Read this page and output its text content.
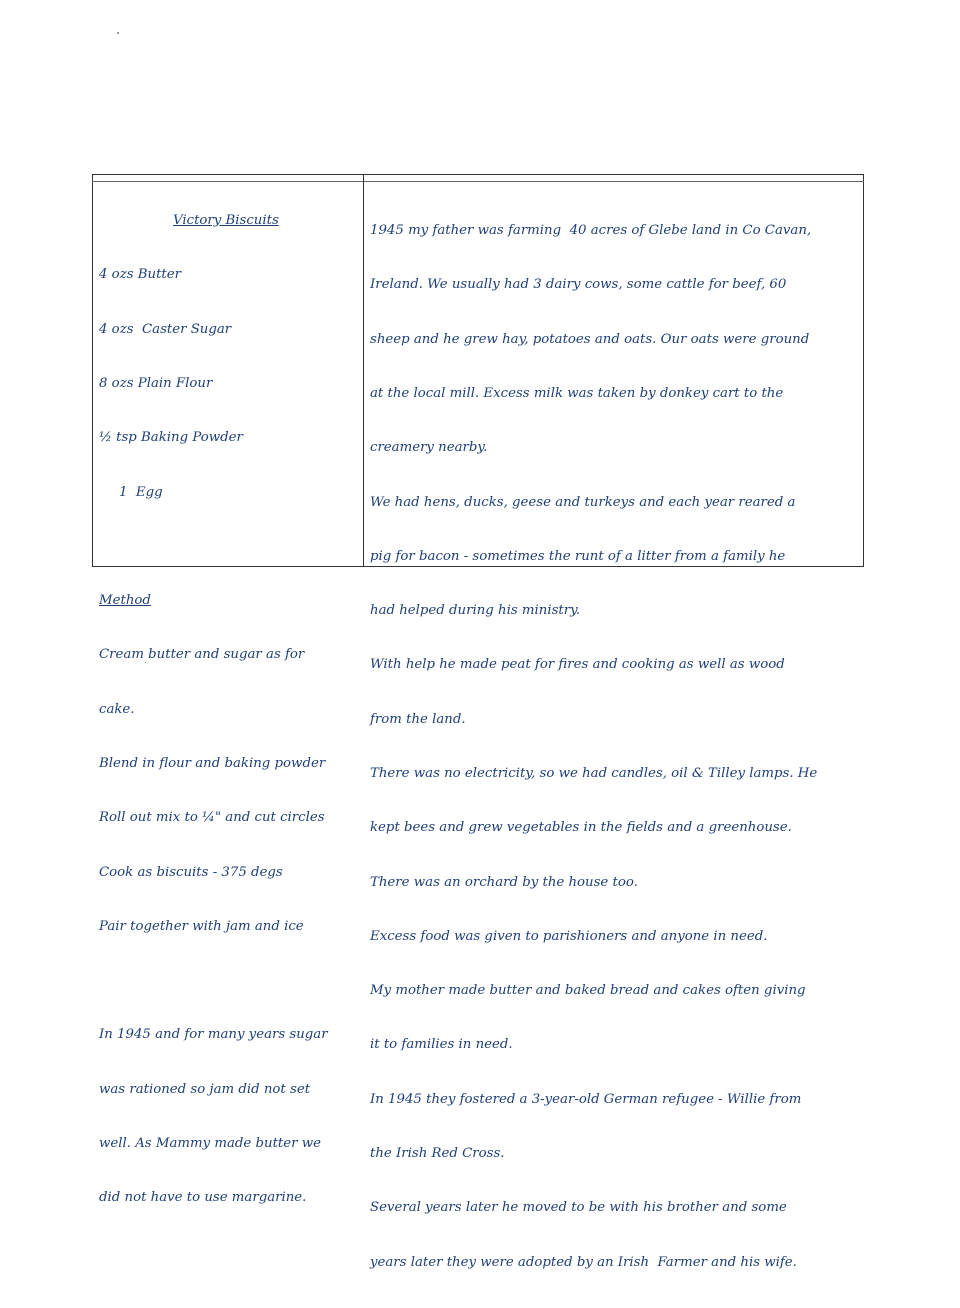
Victory Biscuits

4 ozs Butter

4 ozs  Caster Sugar

8 ozs Plain Flour

½ tsp Baking Powder

1  Egg

Method

Cream butter and sugar as for

cake.

Blend in flour and baking powder

Roll out mix to ¼" and cut circles

Cook as biscuits - 375 degs

Pair together with jam and ice

In 1945 and for many years sugar

was rationed so jam did not set

well. As Mammy made butter we

did not have to use margarine.

1945 my father was farming  40 acres of Glebe land in Co Cavan,

Ireland. We usually had 3 dairy cows, some cattle for beef, 60

sheep and he grew hay, potatoes and oats. Our oats were ground

at the local mill. Excess milk was taken by donkey cart to the

creamery nearby.

We had hens, ducks, geese and turkeys and each year reared a

pig for bacon - sometimes the runt of a litter from a family he

had helped during his ministry.

With help he made peat for fires and cooking as well as wood

from the land.

There was no electricity, so we had candles, oil & Tilley lamps. He

kept bees and grew vegetables in the fields and a greenhouse.

There was an orchard by the house too.

Excess food was given to parishioners and anyone in need.

My mother made butter and baked bread and cakes often giving

it to families in need.

In 1945 they fostered a 3-year-old German refugee - Willie from

the Irish Red Cross.

Several years later he moved to be with his brother and some

years later they were adopted by an Irish  Farmer and his wife.
